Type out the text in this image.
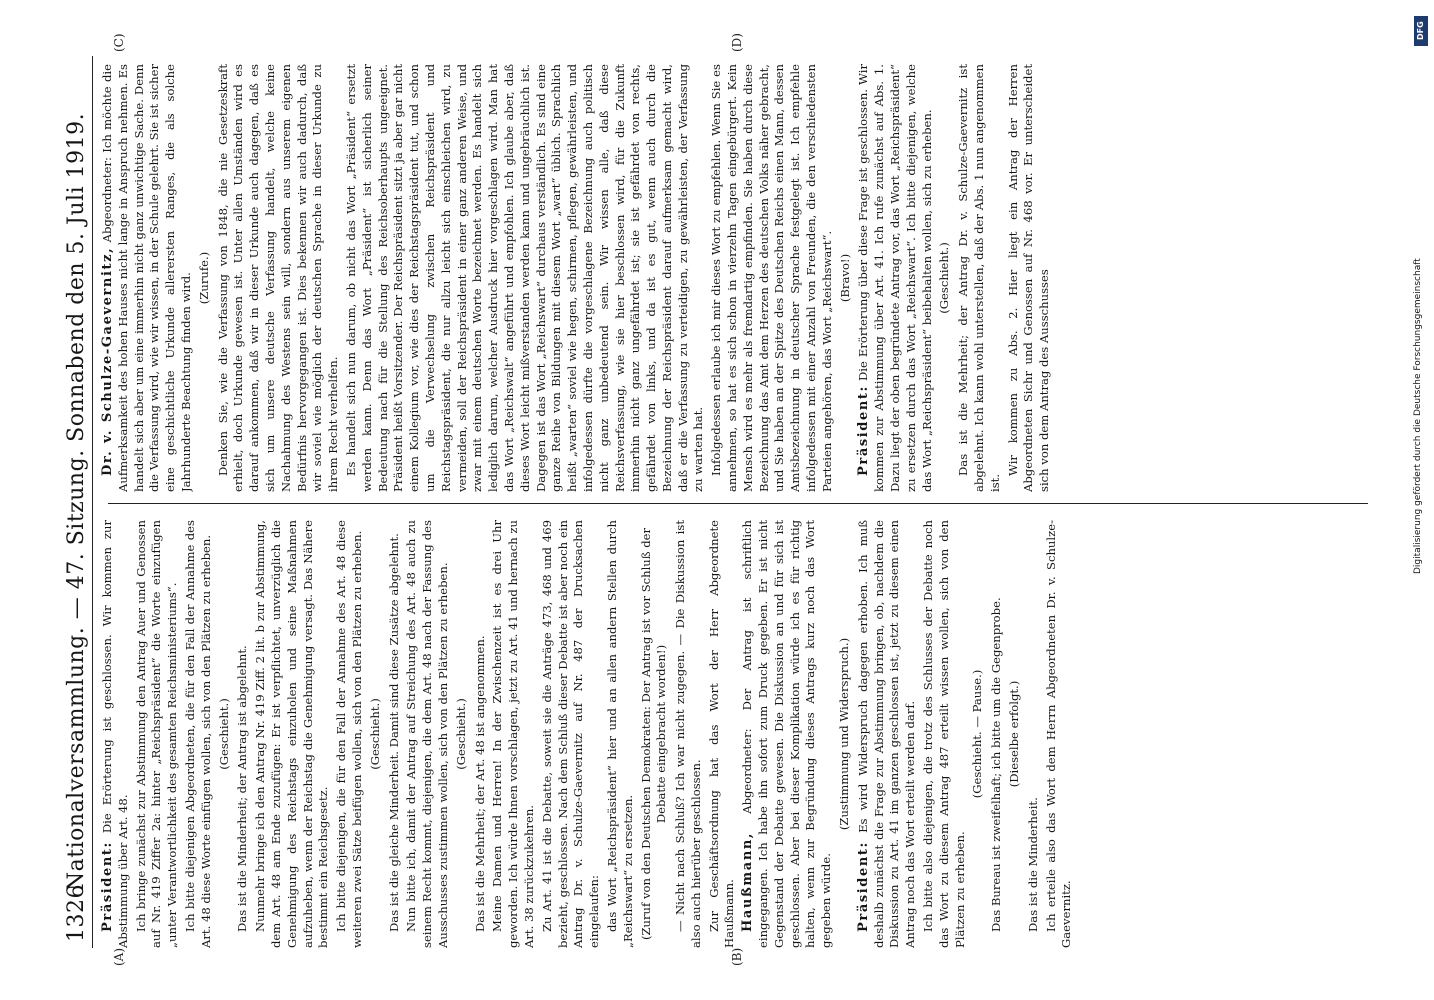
1326
Nationalversammlung. — 47. Sitzung. Sonnabend den 5. Juli 1919. Präsident: Die Erörterung ist geschlossen. Wir kommen zur Abstimmung über Art. 48. Ich bringe zunächst zur Abstimmung den Antrag Auer und Genossen auf Nr. 419 Ziffer 2a: hinter „Reichspräsident“ die Worte einzufügen „unter Verantwortlichkeit des gesamten Reichsministeriums“. Ich bitte diejenigen Abgeordneten, die für den Fall der Annahme des Art. 48 diese Worte einfügen wollen, sich von den Plätzen zu erheben. (Geschieht.) Das ist die Minderheit; der Antrag ist abgelehnt. Nunmehr bringe ich den Antrag Nr. 419 Ziff. 2 lit. b zur Abstimmung, dem Art. 48 am Ende zuzufügen: Er ist verpflichtet, unverzüglich die Genehmigung des Reichstags einzuholen und seine Maßnahmen aufzuheben, wenn der Reichstag die Genehmigung versagt. Das Nähere bestimmt ein Reichsgesetz. Ich bitte diejenigen, die für den Fall der Annahme des Art. 48 diese weiteren zwei Sätze beifügen wollen, sich von den Plätzen zu erheben. (Geschieht.) Das ist die gleiche Minderheit. Damit sind diese Zusätze abgelehnt. Nun bitte ich, damit der Antrag auf Streichung des Art. 48 auch zu seinem Recht kommt, diejenigen, die dem Art. 48 nach der Fassung des Ausschusses zustimmen wollen, sich von den Plätzen zu erheben. (Geschieht.) Das ist die Mehrheit; der Art. 48 ist angenommen. Meine Damen und Herren! In der Zwischenzeit ist es drei Uhr geworden. Ich würde Ihnen vorschlagen, jetzt zu Art. 41 und hernach zu Art. 38 zurückzukehren. Zu Art. 41 ist die Debatte, soweit sie die Anträge 473, 468 und 469 bezieht, geschlossen. Nach dem Schluß dieser Debatte ist aber noch ein Antrag Dr. v. Schulze-Gaevernitz auf Nr. 487 der Drucksachen eingelaufen: das Wort „Reichspräsident“ hier und an allen andern Stellen durch „Reichswart“ zu ersetzen. (Zuruf von den Deutschen Demokraten: Der Antrag ist vor Schluß der Debatte eingebracht worden!) — Nicht nach Schluß? Ich war nicht zugegen. — Die Diskussion ist also auch hierüber geschlossen. Zur Geschäftsordnung hat das Wort der Herr Abgeordnete Haußmann. Haußmann, Abgeordneter: Der Antrag ist schriftlich eingegangen. Ich habe ihn sofort zum Druck gegeben. Er ist nicht Gegenstand der Debatte gewesen. Die Diskussion an und für sich ist geschlossen. Aber bei dieser Komplikation würde ich es für richtig halten, wenn zur Begründung dieses Antrags kurz noch das Wort gegeben würde.

(Zustimmung und Widerspruch.)

Präsident: Es wird Widerspruch dagegen erhoben. Ich muß deshalb zunächst die Frage zur Abstimmung bringen, ob, nachdem die Diskussion zu Art. 41 im ganzen geschlossen ist, jetzt zu diesem einen Antrag noch das Wort erteilt werden darf. Ich bitte also diejenigen, die trotz des Schlusses der Debatte noch das Wort zu diesem Antrag 487 erteilt wissen wollen, sich von den Plätzen zu erheben.

(Geschieht. — Pause.) Das Bureau ist zweifelhaft; ich bitte um die Gegenprobe. (Dieselbe erfolgt.)

Das ist die Minderheit. Ich erteile also das Wort dem Herrn Abgeordneten Dr. v. Schulze-Gaevernitz.

Dr. v. Schulze-Gaevernitz, Abgeordneter: Ich möchte die Aufmerksamkeit des hohen Hauses nicht lange in Anspruch nehmen. Es handelt sich aber um eine immerhin nicht ganz unwichtige Sache. Denn die Verfassung wird, wie wir wissen, in der Schule gelehrt. Sie ist sicher eine geschichtliche Urkunde allerersten Ranges, die als solche Jahrhunderte Beachtung finden wird. (Zurufe.) Denken Sie, wie die Verfassung von 1848, die nie Gesetzeskraft erhielt, doch Urkunde gewesen ist. Unter allen Umständen wird es darauf ankommen, daß wir in dieser Urkunde auch dagegen, daß es sich um unsere deutsche Verfassung handelt, welche keine Nachahmung des Westens sein will, sondern aus unserem eigenen Bedürfnis hervorgegangen ist. Dies bekennen wir auch dadurch, daß wir soviel wie möglich der deutschen Sprache in dieser Urkunde zu ihrem Recht verhelfen. Es handelt sich nun darum, ob nicht das Wort „Präsident“ ersetzt werden kann. Denn das Wort „Präsident“ ist sicherlich seiner Bedeutung nach für die Stellung des Reichsoberhaupts ungeeignet. Präsident heißt Vorsitzender. Der Reichspräsident sitzt ja aber gar nicht einem Kollegium vor, wie dies der Reichstagspräsident tut, und schon um die Verwechselung zwischen Reichspräsident und Reichstagspräsident, die nur allzu leicht sich einschleichen wird, zu vermeiden, soll der Reichspräsident in einer ganz anderen Weise, und zwar mit einem deutschen Worte bezeichnet werden. Es handelt sich lediglich darum, welcher Ausdruck hier vorgeschlagen wird. Man hat das Wort „Reichswalt“ angeführt und empfohlen. Ich glaube aber, daß dieses Wort leicht mißverstanden werden kann und ungebräuchlich ist. Dagegen ist das Wort „Reichswart“ durchaus verständlich. Es sind eine ganze Reihe von Bildungen mit diesem Wort „wart“ üblich. Sprachlich heißt „warten“ soviel wie hegen, schirmen, pflegen, gewährleisten, und infolgedessen dürfte die vorgeschlagene Bezeichnung auch politisch nicht ganz unbedeutend sein. Wir wissen alle, daß diese Reichsverfassung, wie sie hier beschlossen wird, für die Zukunft immerhin nicht ganz ungefährdet ist; sie ist gefährdet von rechts, gefährdet von links, und da ist es gut, wenn auch durch die Bezeichnung der Reichspräsident darauf aufmerksam gemacht wird, daß er die Verfassung zu verteidigen, zu gewährleisten, der Verfassung zu warten hat. Infolgedessen erlaube ich mir dieses Wort zu empfehlen. Wenn Sie es annehmen, so hat es sich schon in vierzehn Tagen eingebürgert. Kein Mensch wird es mehr als fremdartig empfinden. Sie haben durch diese Bezeichnung das Amt dem Herzen des deutschen Volks näher gebracht, und Sie haben an der Spitze des Deutschen Reichs einen Mann, dessen Amtsbezeichnung in deutscher Sprache festgelegt ist. Ich empfehle infolgedessen mit einer Anzahl von Freunden, die den verschiedensten Parteien angehören, das Wort „Reichswart“. (Bravo!)

Präsident: Die Erörterung über diese Frage ist geschlossen. Wir kommen zur Abstimmung über Art. 41. Ich rufe zunächst auf Abs. 1. Dazu liegt der oben begründete Antrag vor, das Wort „Reichspräsident“ zu ersetzen durch das Wort „Reichswart“. Ich bitte diejenigen, welche das Wort „Reichspräsident“ beibehalten wollen, sich zu erheben. (Geschieht.) Das ist die Mehrheit; der Antrag Dr. v. Schulze-Gaevernitz ist abgelehnt. Ich kann wohl unterstellen, daß der Abs. 1 nun angenommen ist.

Wir kommen zu Abs. 2. Hier liegt ein Antrag der Herren Abgeordneten Sichr und Genossen auf Nr. 468 vor. Er unterscheidet sich von dem Antrag des Ausschusses

(A)	(B)
(C)	(D)
DFG
Digitalisierung gefördert durch die Deutsche Forschungsgemeinschaft
